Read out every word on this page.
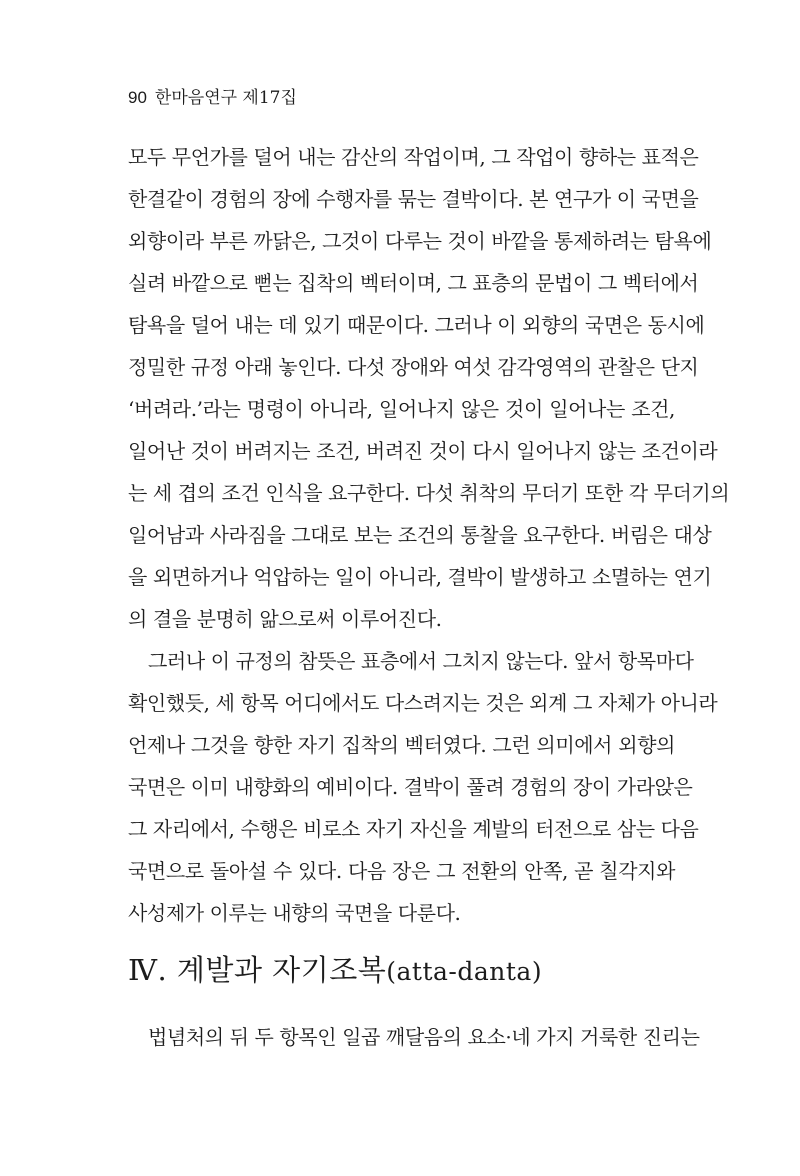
90 한마음연구 제17집
모두 무언가를 덜어 내는 감산의 작업이며, 그 작업이 향하는 표적은
한결같이 경험의 장에 수행자를 묶는 결박이다. 본 연구가 이 국면을
외향이라 부른 까닭은, 그것이 다루는 것이 바깥을 통제하려는 탐욕에
실려 바깥으로 뻗는 집착의 벡터이며, 그 표층의 문법이 그 벡터에서
탐욕을 덜어 내는 데 있기 때문이다. 그러나 이 외향의 국면은 동시에
정밀한 규정 아래 놓인다. 다섯 장애와 여섯 감각영역의 관찰은 단지
‘버려라.’라는 명령이 아니라, 일어나지 않은 것이 일어나는 조건,
일어난 것이 버려지는 조건, 버려진 것이 다시 일어나지 않는 조건이라
는 세 겹의 조건 인식을 요구한다. 다섯 취착의 무더기 또한 각 무더기의
일어남과 사라짐을 그대로 보는 조건의 통찰을 요구한다. 버림은 대상
을 외면하거나 억압하는 일이 아니라, 결박이 발생하고 소멸하는 연기
의 결을 분명히 앎으로써 이루어진다.
그러나 이 규정의 참뜻은 표층에서 그치지 않는다. 앞서 항목마다
확인했듯, 세 항목 어디에서도 다스려지는 것은 외계 그 자체가 아니라
언제나 그것을 향한 자기 집착의 벡터였다. 그런 의미에서 외향의
국면은 이미 내향화의 예비이다. 결박이 풀려 경험의 장이 가라앉은
그 자리에서, 수행은 비로소 자기 자신을 계발의 터전으로 삼는 다음
국면으로 돌아설 수 있다. 다음 장은 그 전환의 안쪽, 곧 칠각지와
사성제가 이루는 내향의 국면을 다룬다.
Ⅳ. 계발과 자기조복(atta-danta)
법념처의 뒤 두 항목인 일곱 깨달음의 요소·네 가지 거룩한 진리는
